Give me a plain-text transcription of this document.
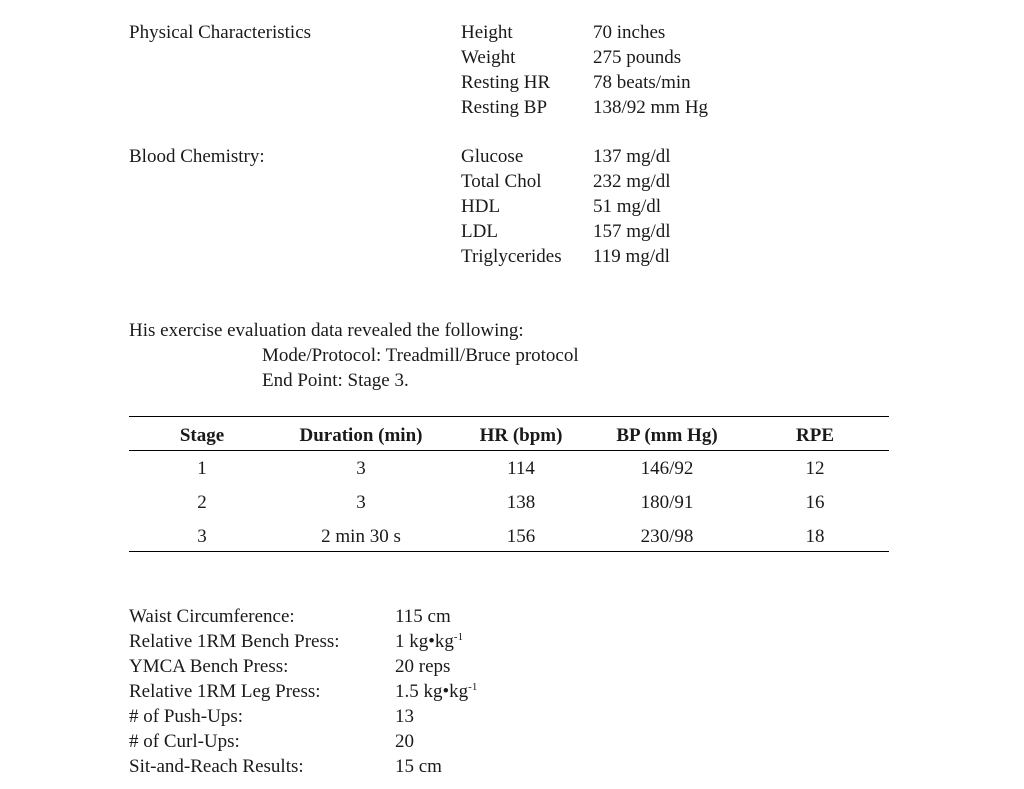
Physical Characteristics	Height	70 inches
Weight	275 pounds
Resting HR 78 beats/min
Resting BP 138/92 mm Hg
Blood Chemistry:	Glucose	137 mg/dl
Total Chol	232 mg/dl
HDL	51 mg/dl
LDL	157 mg/dl
Triglycerides 119 mg/dl
His exercise evaluation data revealed the following:
Mode/Protocol: Treadmill/Bruce protocol
End Point: Stage 3.
Stage	Duration (min)	HR (bpm)	BP (mm Hg)	RPE
1	3	114	146/92	12
2	3	138	180/91	16
3	2 min 30 s	156	230/98	18
Waist Circumference:	115 cm
Relative 1RM Bench Press:	1 $kg•kg^{-1}$
YMCA Bench Press:	20 reps
Relative 1RM Leg Press:	1.5 $kg•kg^{-1}$
# of Push-Ups:	13
# of Curl-Ups:	20
Sit-and-Reach Results:	15 cm
